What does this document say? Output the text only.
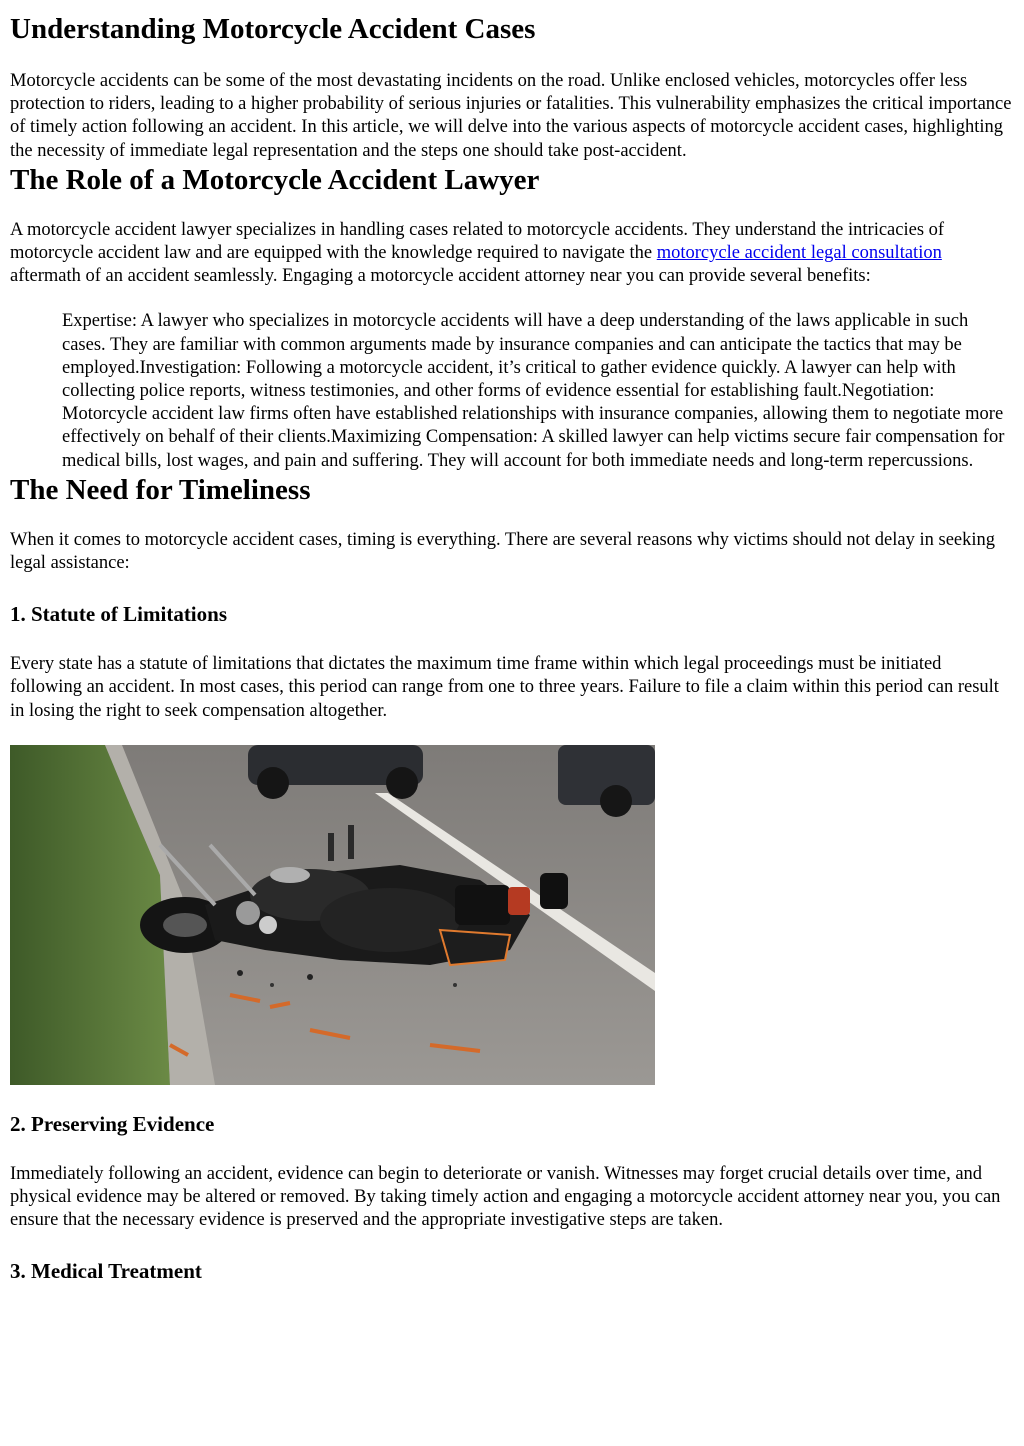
Understanding Motorcycle Accident Cases

Motorcycle accidents can be some of the most devastating incidents on the road. Unlike enclosed vehicles, motorcycles offer less protection to riders, leading to a higher probability of serious injuries or fatalities. This vulnerability emphasizes the critical importance of timely action following an accident. In this article, we will delve into the various aspects of motorcycle accident cases, highlighting the necessity of immediate legal representation and the steps one should take post-accident.

The Role of a Motorcycle Accident Lawyer

A motorcycle accident lawyer specializes in handling cases related to motorcycle accidents. They understand the intricacies of motorcycle accident law and are equipped with the knowledge required to navigate the motorcycle accident legal consultation aftermath of an accident seamlessly. Engaging a motorcycle accident attorney near you can provide several benefits:

Expertise: A lawyer who specializes in motorcycle accidents will have a deep understanding of the laws applicable in such cases. They are familiar with common arguments made by insurance companies and can anticipate the tactics that may be employed.Investigation: Following a motorcycle accident, it’s critical to gather evidence quickly. A lawyer can help with collecting police reports, witness testimonies, and other forms of evidence essential for establishing fault.Negotiation: Motorcycle accident law firms often have established relationships with insurance companies, allowing them to negotiate more effectively on behalf of their clients.Maximizing Compensation: A skilled lawyer can help victims secure fair compensation for medical bills, lost wages, and pain and suffering. They will account for both immediate needs and long-term repercussions.
The Need for Timeliness

When it comes to motorcycle accident cases, timing is everything. There are several reasons why victims should not delay in seeking legal assistance:

1. Statute of Limitations

Every state has a statute of limitations that dictates the maximum time frame within which legal proceedings must be initiated following an accident. In most cases, this period can range from one to three years. Failure to file a claim within this period can result in losing the right to seek compensation altogether.

2. Preserving Evidence

Immediately following an accident, evidence can begin to deteriorate or vanish. Witnesses may forget crucial details over time, and physical evidence may be altered or removed. By taking timely action and engaging a motorcycle accident attorney near you, you can ensure that the necessary evidence is preserved and the appropriate investigative steps are taken.

3. Medical Treatment
